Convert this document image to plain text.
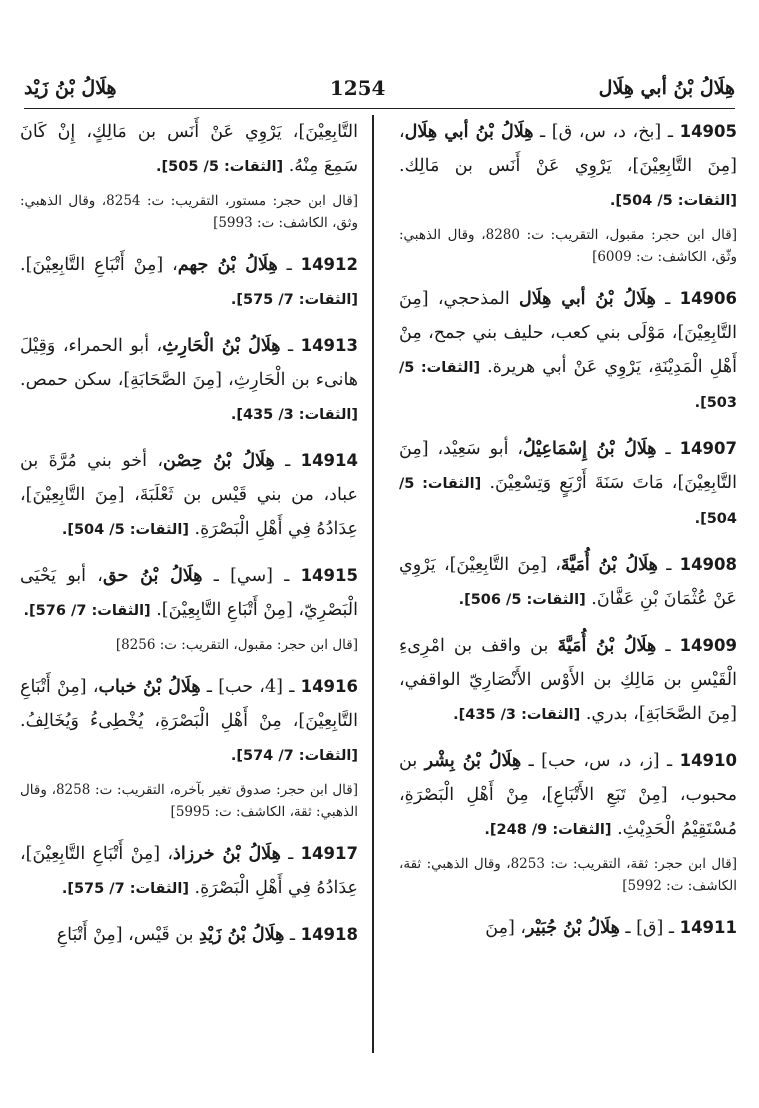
هِلَالُ بْنُ أبي هِلَال
1254
هِلَالُ بْنُ زَيْد
14905 ـ [بخ، د، س، ق] ـ هِلَالُ بْنُ أبي هِلَال، [مِنَ التَّابِعِيْنَ]، يَرْوِي عَنْ أَنَس بن مَالِك. [الثقات: 5/ 504].
[قال ابن حجر: مقبول، التقريب: ت: 8280، وقال الذهبي: وثّق، الكاشف: ت: 6009]
14906 ـ هِلَالُ بْنُ أبي هِلَال المذحجي، [مِنَ التَّابِعِيْنَ]، مَوْلَى بني كعب، حليف بني جمح، مِنْ أَهْلِ الْمَدِيْنَةِ، يَرْوِي عَنْ أبي هريرة. [الثقات: 5/ 503].
14907 ـ هِلَالُ بْنُ إِسْمَاعِيْلُ، أبو سَعِيْد، [مِنَ التَّابِعِيْنَ]، مَاتَ سَنَةَ أَرْبَعٍ وَتِسْعِيْنَ. [الثقات: 5/ 504].
14908 ـ هِلَالُ بْنُ أُمَيَّةَ، [مِنَ التَّابِعِيْنَ]، يَرْوِي عَنْ عُثْمَانَ بْنِ عَفَّانَ. [الثقات: 5/ 506].
14909 ـ هِلَالُ بْنُ أُمَيَّةَ بن واقف بن امْرِىءِ الْقَيْسِ بن مَالِكِ بن الأَوْس الأَنْصَارِيّ الواقفي، [مِنَ الصَّحَابَةِ]، بدري. [الثقات: 3/ 435].
14910 ـ [ز، د، س، حب] ـ هِلَالُ بْنُ بِشْر بن محبوب، [مِنْ تَبَعِ الأَتْبَاعِ]، مِنْ أَهْلِ الْبَصْرَةِ، مُسْتَقِيْمُ الْحَدِيْثِ. [الثقات: 9/ 248].
[قال ابن حجر: ثقة، التقريب: ت: 8253، وقال الذهبي: ثقة، الكاشف: ت: 5992]
14911 ـ [ق] ـ هِلَالُ بْنُ جُبَيْر، [مِنَ
التَّابِعِيْنَ]، يَرْوِي عَنْ أَنَس بن مَالِكٍ، إِنْ كَانَ سَمِعَ مِنْهُ. [الثقات: 5/ 505].
[قال ابن حجر: مستور، التقريب: ت: 8254، وقال الذهبي: وثق، الكاشف: ت: 5993]
14912 ـ هِلَالُ بْنُ جهم، [مِنْ أَتْبَاعِ التَّابِعِيْنَ]. [الثقات: 7/ 575].
14913 ـ هِلَالُ بْنُ الْحَارِثِ، أبو الحمراء، وَقِيْلَ هانىء بن الْحَارِثِ، [مِنَ الصَّحَابَةِ]، سكن حمص. [الثقات: 3/ 435].
14914 ـ هِلَالُ بْنُ حِصْن، أخو بني مُرَّةَ بن عباد، من بني قَيْس بن ثَعْلَبَةَ، [مِنَ التَّابِعِيْنَ]، عِدَادُهُ فِي أَهْلِ الْبَصْرَةِ. [الثقات: 5/ 504].
14915 ـ [سي] ـ هِلَالُ بْنُ حق، أبو يَحْيَى الْبَصْرِيّ، [مِنْ أَتْبَاعِ التَّابِعِيْنَ]. [الثقات: 7/ 576].
[قال ابن حجر: مقبول، التقريب: ت: 8256]
14916 ـ [4، حب] ـ هِلَالُ بْنُ خباب، [مِنْ أَتْبَاعِ التَّابِعِيْنَ]، مِنْ أَهْلِ الْبَصْرَةِ، يُخْطِىءُ وَيُخَالِفُ. [الثقات: 7/ 574].
[قال ابن حجر: صدوق تغير بآخره، التقريب: ت: 8258، وقال الذهبي: ثقة، الكاشف: ت: 5995]
14917 ـ هِلَالُ بْنُ خرزاذ، [مِنْ أَتْبَاعِ التَّابِعِيْنَ]، عِدَادُهُ فِي أَهْلِ الْبَصْرَةِ. [الثقات: 7/ 575].
14918 ـ هِلَالُ بْنُ زَيْدِ بن قَيْس، [مِنْ أَتْبَاعِ
